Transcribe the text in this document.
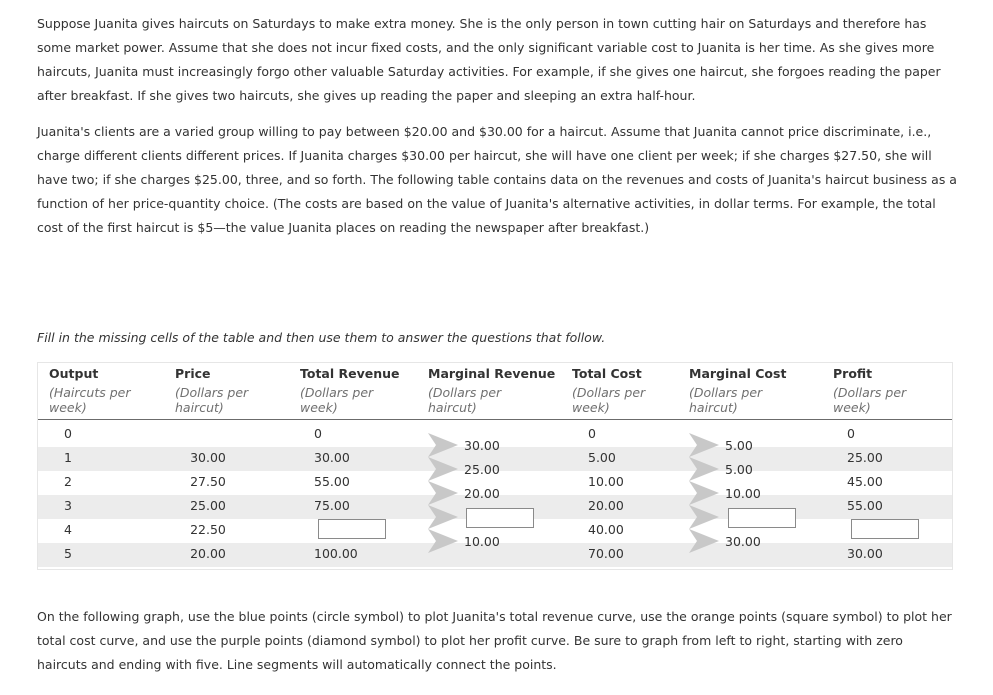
Suppose Juanita gives haircuts on Saturdays to make extra money. She is the only person in town cutting hair on Saturdays and therefore has some market power. Assume that she does not incur fixed costs, and the only significant variable cost to Juanita is her time. As she gives more haircuts, Juanita must increasingly forgo other valuable Saturday activities. For example, if she gives one haircut, she forgoes reading the paper after breakfast. If she gives two haircuts, she gives up reading the paper and sleeping an extra half-hour.

Juanita's clients are a varied group willing to pay between $20.00 and $30.00 for a haircut. Assume that Juanita cannot price discriminate, i.e., charge different clients different prices. If Juanita charges $30.00 per haircut, she will have one client per week; if she charges $27.50, she will have two; if she charges $25.00, three, and so forth. The following table contains data on the revenues and costs of Juanita's haircut business as a function of her price-quantity choice. (The costs are based on the value of Juanita's alternative activities, in dollar terms. For example, the total cost of the first haircut is $5—the value Juanita places on reading the newspaper after breakfast.)

Fill in the missing cells of the table and then use them to answer the questions that follow.

Output
(Haircuts per week)
Price
(Dollars per haircut)
Total Revenue
(Dollars per week)
Marginal Revenue
(Dollars per haircut)
Total Cost
(Dollars per week)
Marginal Cost
(Dollars per haircut)
Profit
(Dollars per week)
0
1
2
3
4
5
30.00
27.50
25.00
22.50
20.00
0
30.00
55.00
75.00
100.00
30.00
25.00
20.00
10.00
0
5.00
10.00
20.00
40.00
70.00
5.00
5.00
10.00
30.00
0
25.00
45.00
55.00
30.00

On the following graph, use the blue points (circle symbol) to plot Juanita's total revenue curve, use the orange points (square symbol) to plot her total cost curve, and use the purple points (diamond symbol) to plot her profit curve. Be sure to graph from left to right, starting with zero haircuts and ending with five. Line segments will automatically connect the points.
